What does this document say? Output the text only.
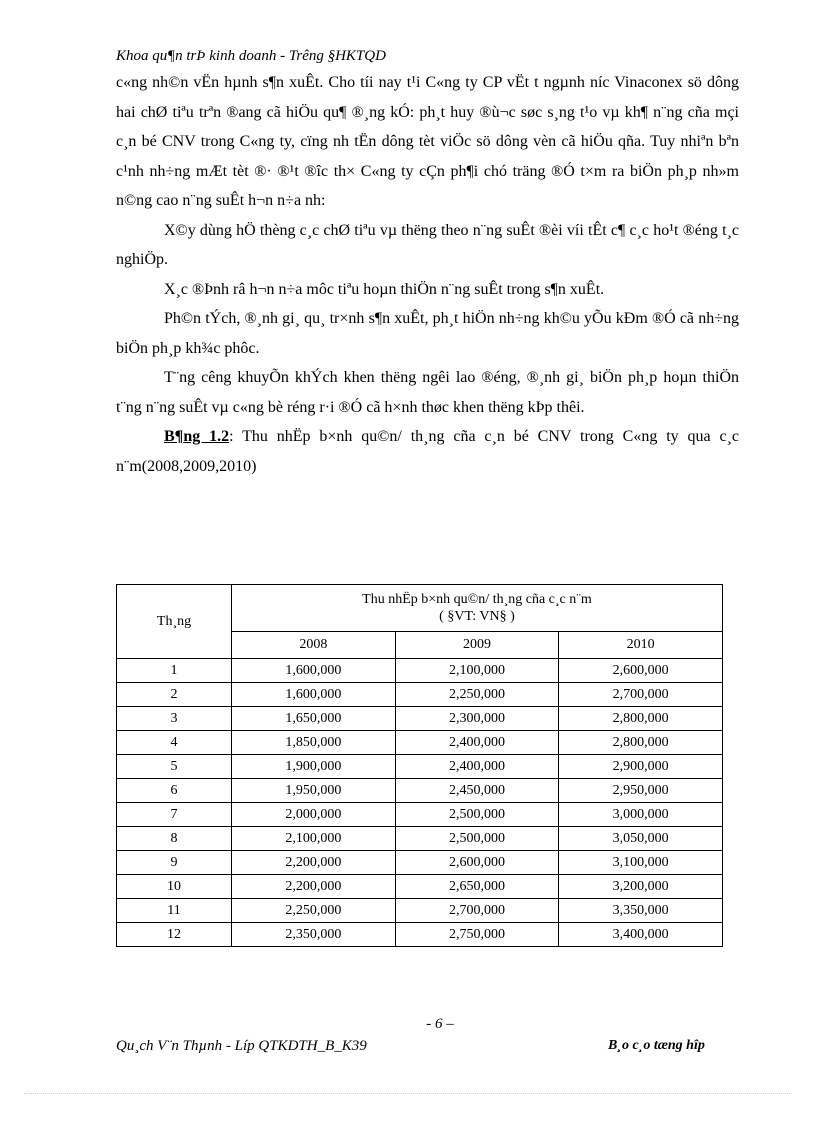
Khoa qu¶n trÞ kinh doanh - Trêng §HKTQD

c«ng nh©n vËn hµnh s¶n xuÊt. Cho tíi nay t¹i C«ng ty CP vËt t ngµnh níc Vinaconex sö dông hai chØ tiªu trªn ®ang cã hiÖu qu¶ ®¸ng kÓ: ph¸t huy ®ù¬c søc s¸ng t¹o vµ kh¶ n¨ng cña mçi c¸n bé CNV trong C«ng ty, cïng nh tËn dông tèt viÖc sö dông vèn cã hiÖu qña. Tuy nhiªn bªn c¹nh nh÷ng mÆt tèt ®· ®¹t ®îc th× C«ng ty cÇn ph¶i chó träng ®Ó t×m ra biÖn ph¸p nh»m n©ng cao n¨ng suÊt h¬n n÷a nh:

X©y dùng hÖ thèng c¸c chØ tiªu vµ thëng theo n¨ng suÊt ®èi víi tÊt c¶ c¸c ho¹t ®éng t¸c nghiÖp.

X¸c ®Þnh râ h¬n n÷a môc tiªu hoµn thiÖn n¨ng suÊt trong s¶n xuÊt.

Ph©n tÝch, ®¸nh gi¸ qu¸ tr×nh s¶n xuÊt, ph¸t hiÖn nh÷ng kh©u yÕu kÐm ®Ó cã nh÷ng biÖn ph¸p kh¾c phôc.

T¨ng cêng khuyÕn khÝch khen thëng ngêi lao ®éng, ®¸nh gi¸ biÖn ph¸p hoµn thiÖn t¨ng n¨ng suÊt vµ c«ng bè réng r·i ®Ó cã h×nh thøc khen thëng kÞp thêi.

B¶ng 1.2: Thu nhËp b×nh qu©n/ th¸ng cña c¸n bé CNV trong C«ng ty qua c¸c n¨m(2008,2009,2010)

Th¸ng	Thu nhËp b×nh qu©n/ th¸ng cña c¸c n¨m
( §VT: VN§ )		

	2008	2009	2010
1	1,600,000	2,100,000	2,600,000
2	1,600,000	2,250,000	2,700,000
3	1,650,000	2,300,000	2,800,000
4	1,850,000	2,400,000	2,800,000
5	1,900,000	2,400,000	2,900,000
6	1,950,000	2,450,000	2,950,000
7	2,000,000	2,500,000	3,000,000
8	2,100,000	2,500,000	3,050,000
9	2,200,000	2,600,000	3,100,000
10	2,200,000	2,650,000	3,200,000
11	2,250,000	2,700,000	3,350,000
12	2,350,000	2,750,000	3,400,000
- 6 –
Qu¸ch V¨n Thµnh - Líp QTKDTH_B_K39	B¸o c¸o tæng hîp
